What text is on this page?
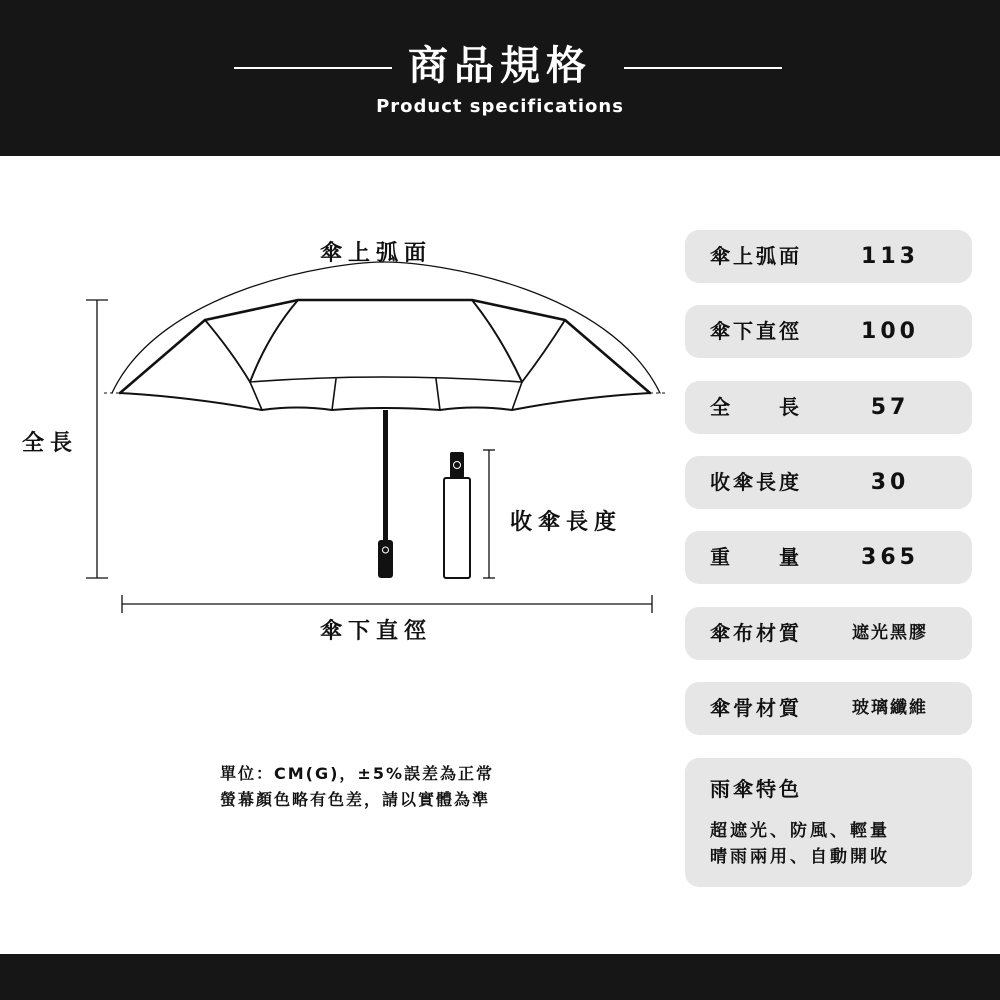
商品規格
Product specifications
傘上弧面
全長
收傘長度
傘下直徑
單位：CM(G)，±5%誤差為正常
螢幕顏色略有色差，請以實體為準
傘上弧面	113
傘下直徑	100
全　　長	57
收傘長度	30
重　　量	365
傘布材質	遮光黑膠
傘骨材質	玻璃纖維
雨傘特色
超遮光、防風、輕量
晴雨兩用、自動開收
